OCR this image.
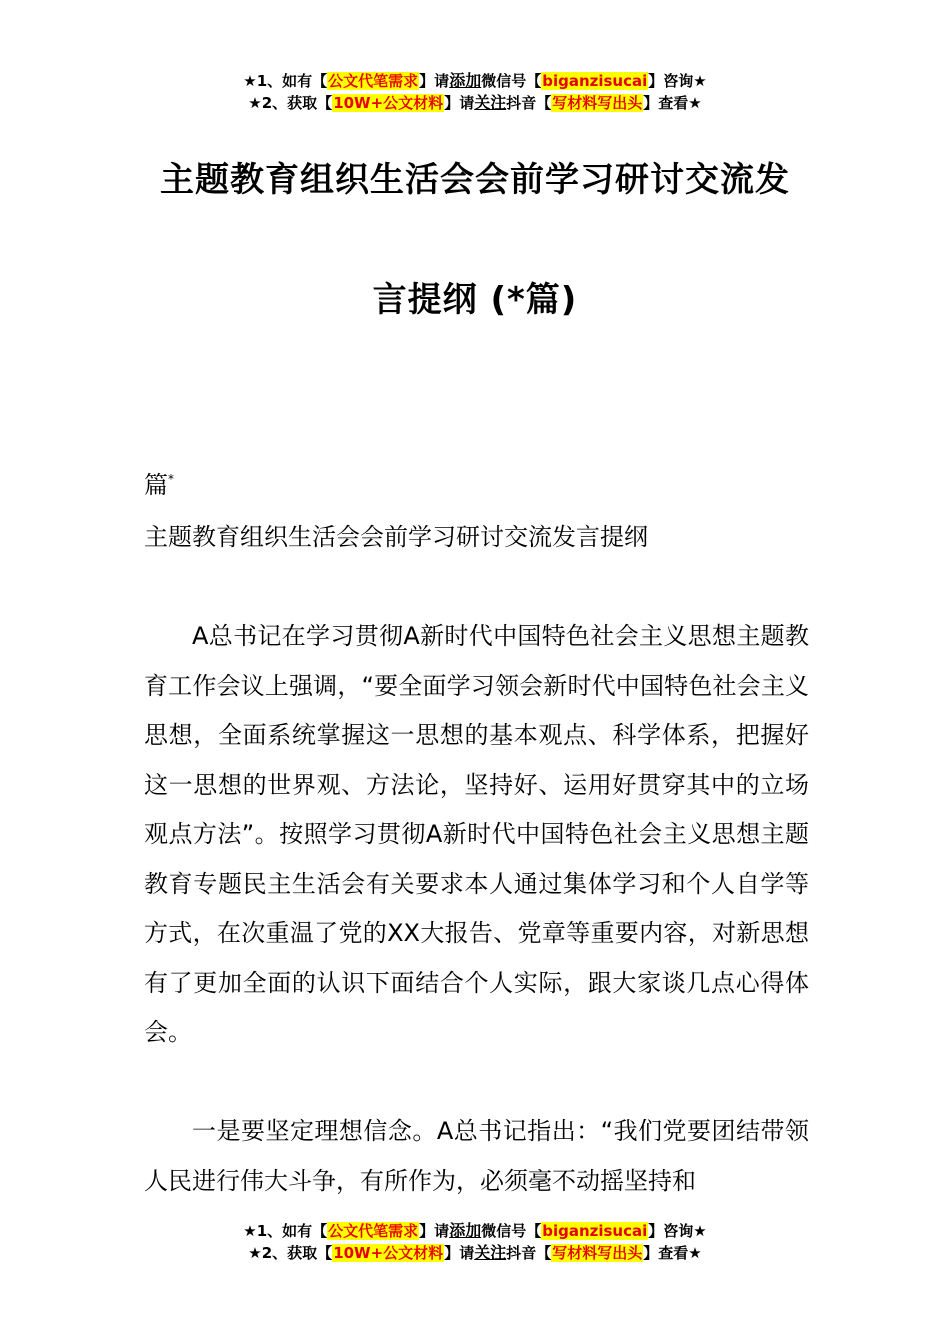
★1、如有【公文代笔需求】请添加微信号【biganzisucai】咨询★
★2、获取【10W+公文材料】请关注抖音【写材料写出头】查看★
主题教育组织生活会会前学习研讨交流发
言提纲 (*篇)
篇*
主题教育组织生活会会前学习研讨交流发言提纲
A总书记在学习贯彻A新时代中国特色社会主义思想主题教育工作会议上强调，“要全面学习领会新时代中国特色社会主义思想，全面系统掌握这一思想的基本观点、科学体系，把握好这一思想的世界观、方法论，坚持好、运用好贯穿其中的立场观点方法”。按照学习贯彻A新时代中国特色社会主义思想主题教育专题民主生活会有关要求本人通过集体学习和个人自学等方式，在次重温了党的XX大报告、党章等重要内容，对新思想有了更加全面的认识下面结合个人实际，跟大家谈几点心得体会。
一是要坚定理想信念。A总书记指出：“我们党要团结带领人民进行伟大斗争，有所作为，必须毫不动摇坚持和
★1、如有【公文代笔需求】请添加微信号【biganzisucai】咨询★
★2、获取【10W+公文材料】请关注抖音【写材料写出头】查看★
